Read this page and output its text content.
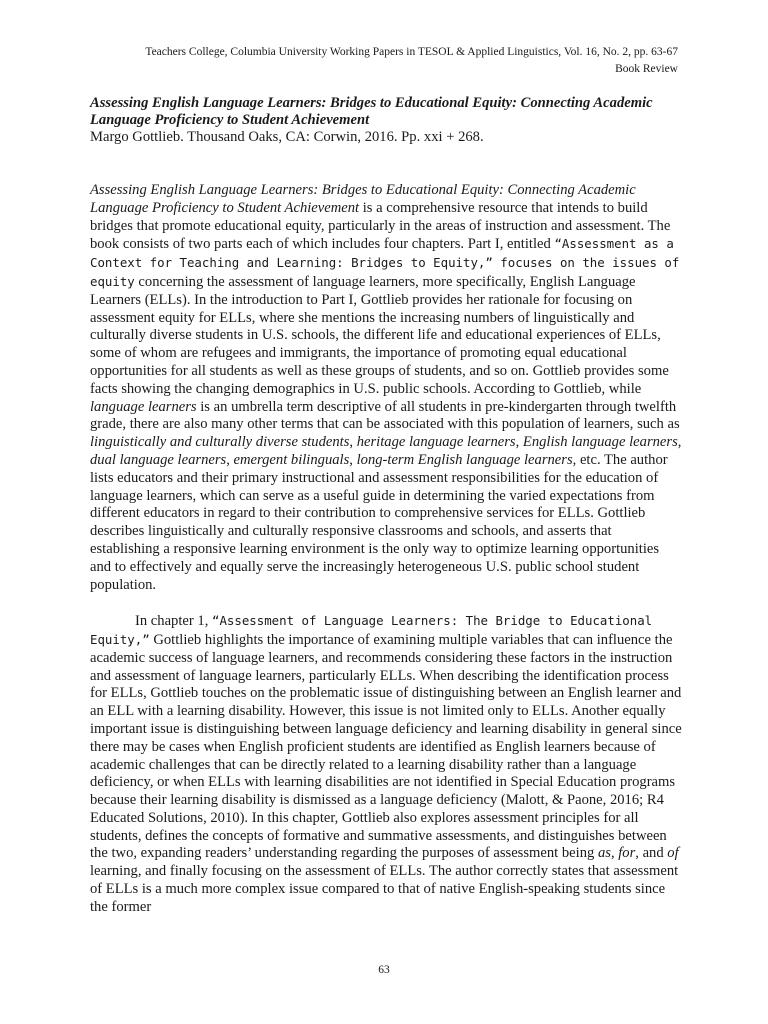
Teachers College, Columbia University Working Papers in TESOL & Applied Linguistics, Vol. 16, No. 2, pp. 63-67
Book Review

Assessing English Language Learners: Bridges to Educational Equity: Connecting Academic Language Proficiency to Student Achievement

Margo Gottlieb. Thousand Oaks, CA: Corwin, 2016. Pp. xxi + 268.

Assessing English Language Learners: Bridges to Educational Equity: Connecting Academic Language Proficiency to Student Achievement is a comprehensive resource that intends to build bridges that promote educational equity, particularly in the areas of instruction and assessment. The book consists of two parts each of which includes four chapters. Part I, entitled “Assessment as a Context for Teaching and Learning: Bridges to Equity,” focuses on the issues of equity concerning the assessment of language learners, more specifically, English Language Learners (ELLs). In the introduction to Part I, Gottlieb provides her rationale for focusing on assessment equity for ELLs, where she mentions the increasing numbers of linguistically and culturally diverse students in U.S. schools, the different life and educational experiences of ELLs, some of whom are refugees and immigrants, the importance of promoting equal educational opportunities for all students as well as these groups of students, and so on. Gottlieb provides some facts showing the changing demographics in U.S. public schools. According to Gottlieb, while language learners is an umbrella term descriptive of all students in pre-kindergarten through twelfth grade, there are also many other terms that can be associated with this population of learners, such as linguistically and culturally diverse students, heritage language learners, English language learners, dual language learners, emergent bilinguals, long-term English language learners, etc. The author lists educators and their primary instructional and assessment responsibilities for the education of language learners, which can serve as a useful guide in determining the varied expectations from different educators in regard to their contribution to comprehensive services for ELLs. Gottlieb describes linguistically and culturally responsive classrooms and schools, and asserts that establishing a responsive learning environment is the only way to optimize learning opportunities and to effectively and equally serve the increasingly heterogeneous U.S. public school student population.

In chapter 1, “Assessment of Language Learners: The Bridge to Educational Equity,” Gottlieb highlights the importance of examining multiple variables that can influence the academic success of language learners, and recommends considering these factors in the instruction and assessment of language learners, particularly ELLs. When describing the identification process for ELLs, Gottlieb touches on the problematic issue of distinguishing between an English learner and an ELL with a learning disability. However, this issue is not limited only to ELLs. Another equally important issue is distinguishing between language deficiency and learning disability in general since there may be cases when English proficient students are identified as English learners because of academic challenges that can be directly related to a learning disability rather than a language deficiency, or when ELLs with learning disabilities are not identified in Special Education programs because their learning disability is dismissed as a language deficiency (Malott, & Paone, 2016; R4 Educated Solutions, 2010). In this chapter, Gottlieb also explores assessment principles for all students, defines the concepts of formative and summative assessments, and distinguishes between the two, expanding readers’ understanding regarding the purposes of assessment being as, for, and of learning, and finally focusing on the assessment of ELLs. The author correctly states that assessment of ELLs is a much more complex issue compared to that of native English-speaking students since the former

63
